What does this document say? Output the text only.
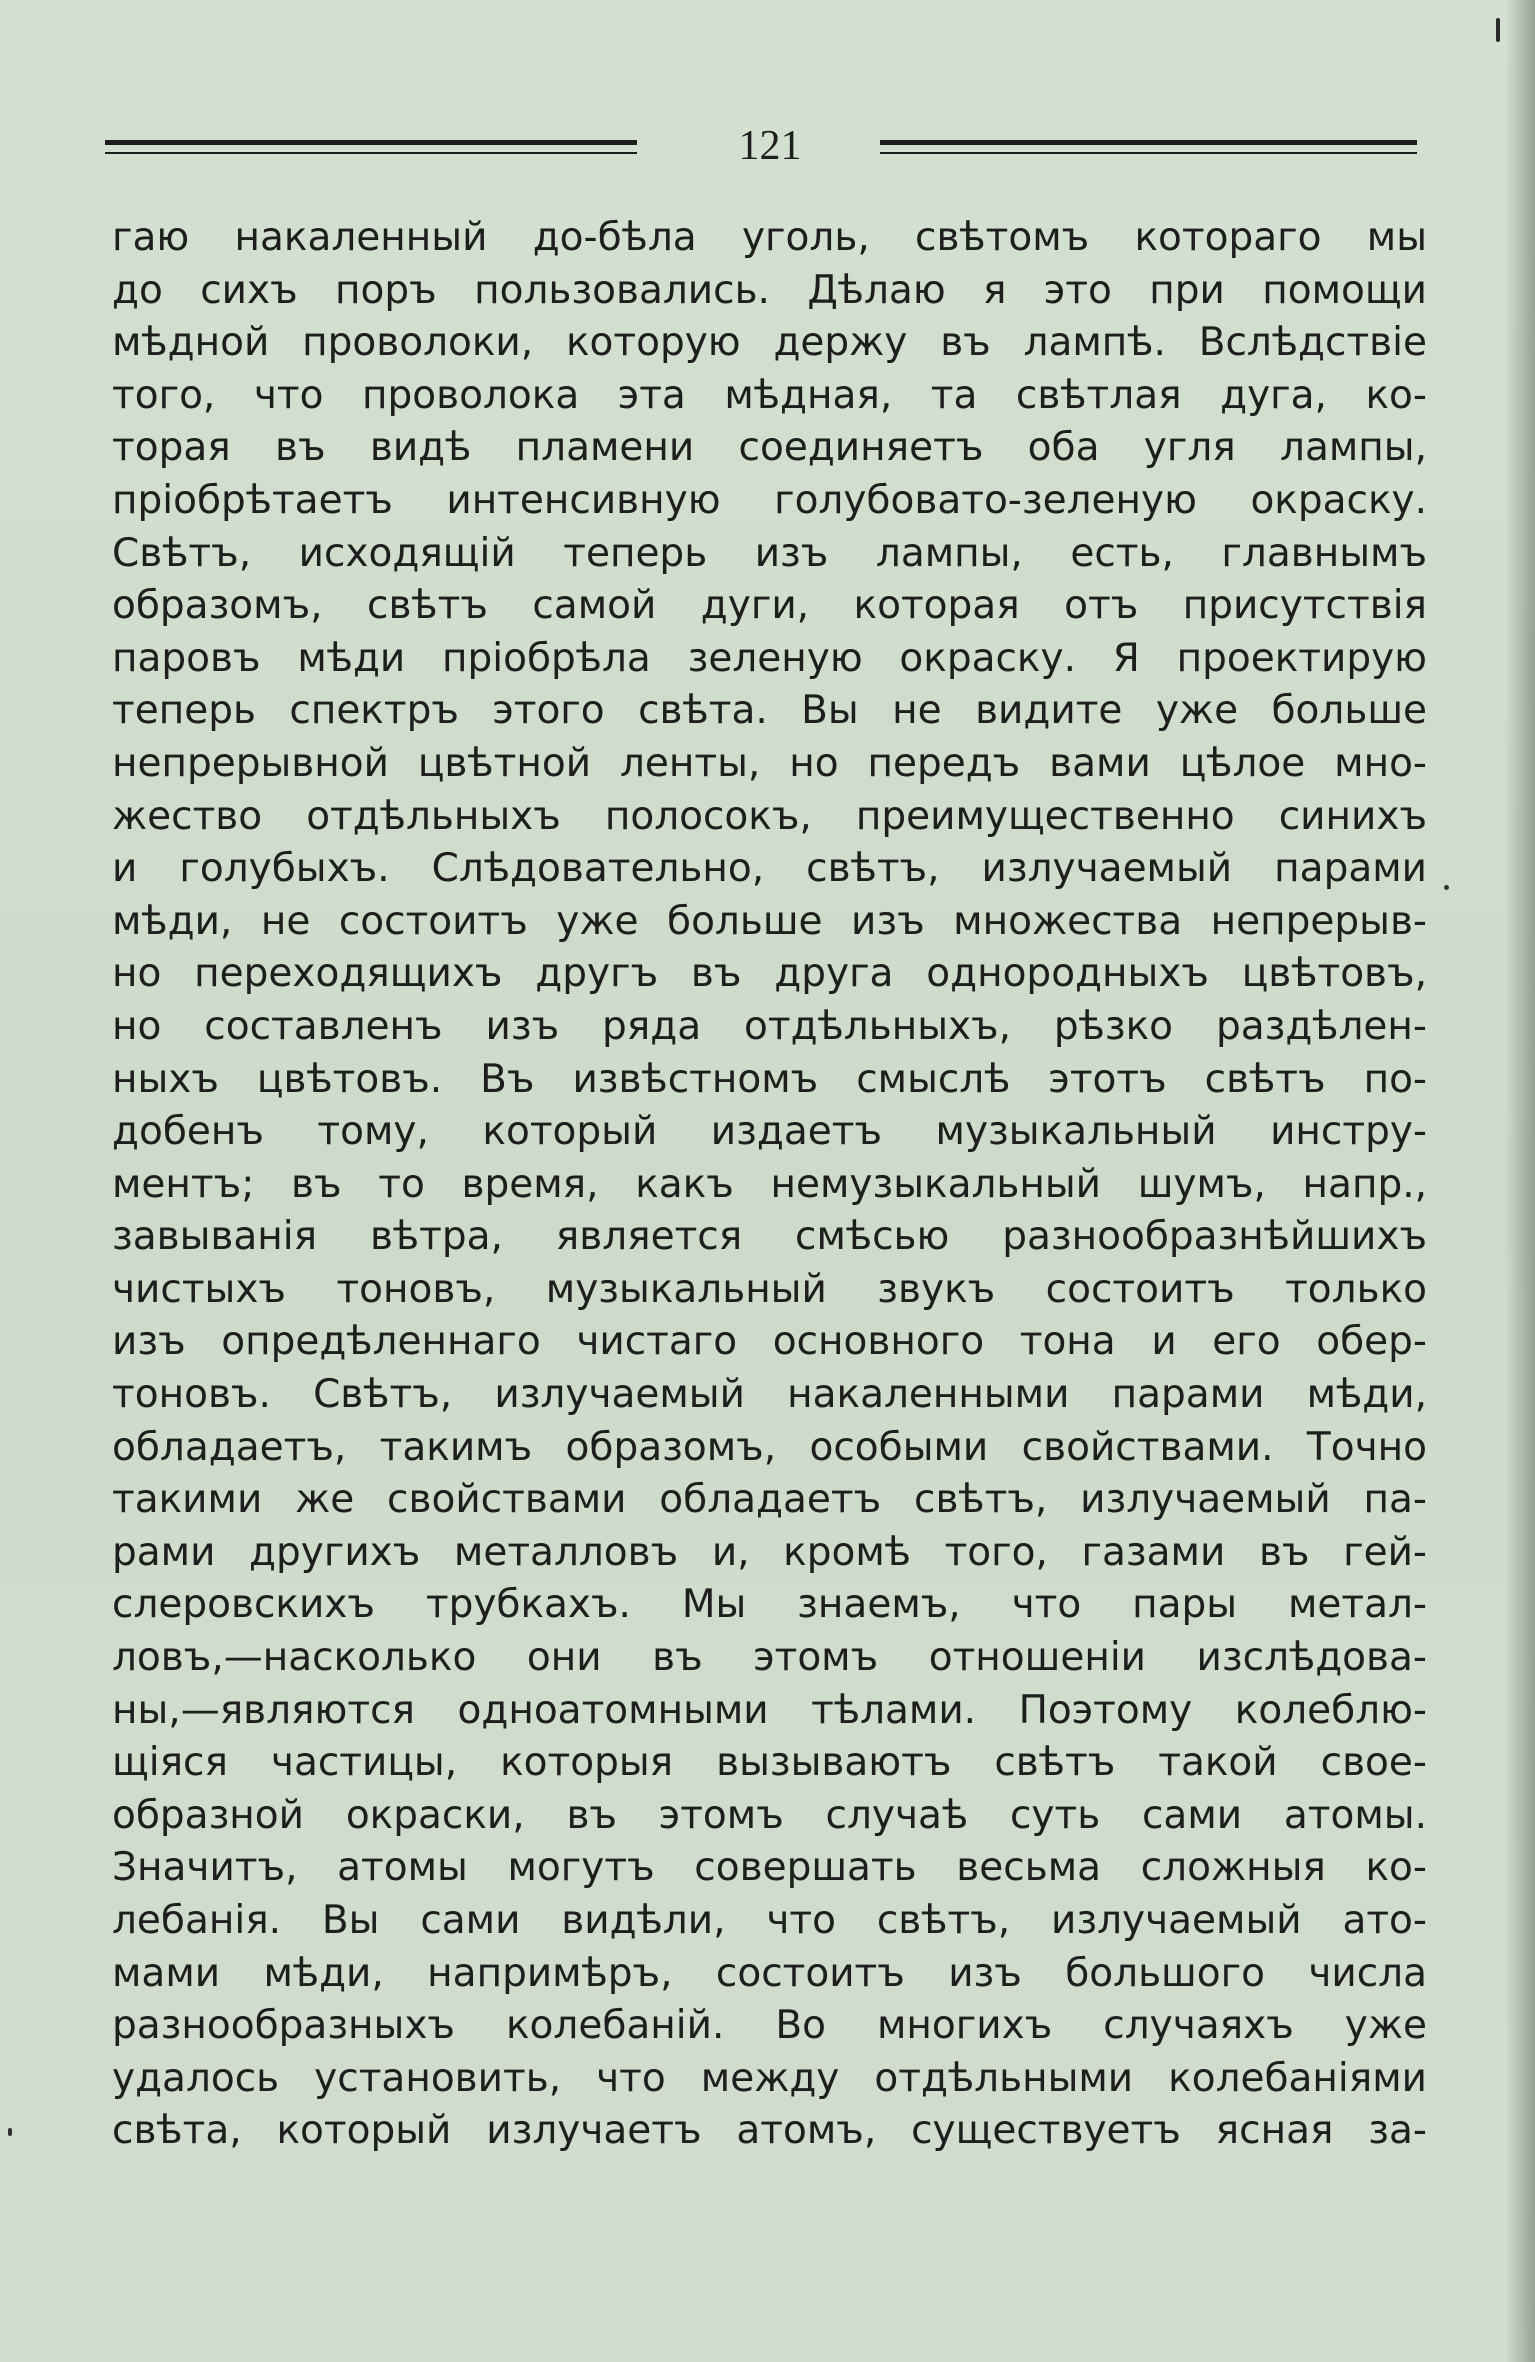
121
гаю накаленный до-бѣла уголь, свѣтомъ котораго мы
до сихъ поръ пользовались. Дѣлаю я это при помощи
мѣдной проволоки, которую держу въ лампѣ. Вслѣдствіе
того, что проволока эта мѣдная, та свѣтлая дуга, ко-
торая въ видѣ пламени соединяетъ оба угля лампы,
пріобрѣтаетъ интенсивную голубовато-зеленую окраску.
Свѣтъ, исходящій теперь изъ лампы, есть, главнымъ
образомъ, свѣтъ самой дуги, которая отъ присутствія
паровъ мѣди пріобрѣла зеленую окраску. Я проектирую
теперь спектръ этого свѣта. Вы не видите уже больше
непрерывной цвѣтной ленты, но передъ вами цѣлое мно-
жество отдѣльныхъ полосокъ, преимущественно синихъ
и голубыхъ. Слѣдовательно, свѣтъ, излучаемый парами
мѣди, не состоитъ уже больше изъ множества непрерыв-
но переходящихъ другъ въ друга однородныхъ цвѣтовъ,
но составленъ изъ ряда отдѣльныхъ, рѣзко раздѣлен-
ныхъ цвѣтовъ. Въ извѣстномъ смыслѣ этотъ свѣтъ по-
добенъ тому, который издаетъ музыкальный инстру-
ментъ; въ то время, какъ немузыкальный шумъ, напр.,
завыванія вѣтра, является смѣсью разнообразнѣйшихъ
чистыхъ тоновъ, музыкальный звукъ состоитъ только
изъ опредѣленнаго чистаго основного тона и его обер-
тоновъ. Свѣтъ, излучаемый накаленными парами мѣди,
обладаетъ, такимъ образомъ, особыми свойствами. Точно
такими же свойствами обладаетъ свѣтъ, излучаемый па-
рами другихъ металловъ и, кромѣ того, газами въ гей-
слеровскихъ трубкахъ. Мы знаемъ, что пары метал-
ловъ,—насколько они въ этомъ отношеніи изслѣдова-
ны,—являются одноатомными тѣлами. Поэтому колеблю-
щіяся частицы, которыя вызываютъ свѣтъ такой свое-
образной окраски, въ этомъ случаѣ суть сами атомы.
Значитъ, атомы могутъ совершать весьма сложныя ко-
лебанія. Вы сами видѣли, что свѣтъ, излучаемый ато-
мами мѣди, напримѣръ, состоитъ изъ большого числа
разнообразныхъ колебаній. Во многихъ случаяхъ уже
удалось установить, что между отдѣльными колебаніями
свѣта, который излучаетъ атомъ, существуетъ ясная за-
